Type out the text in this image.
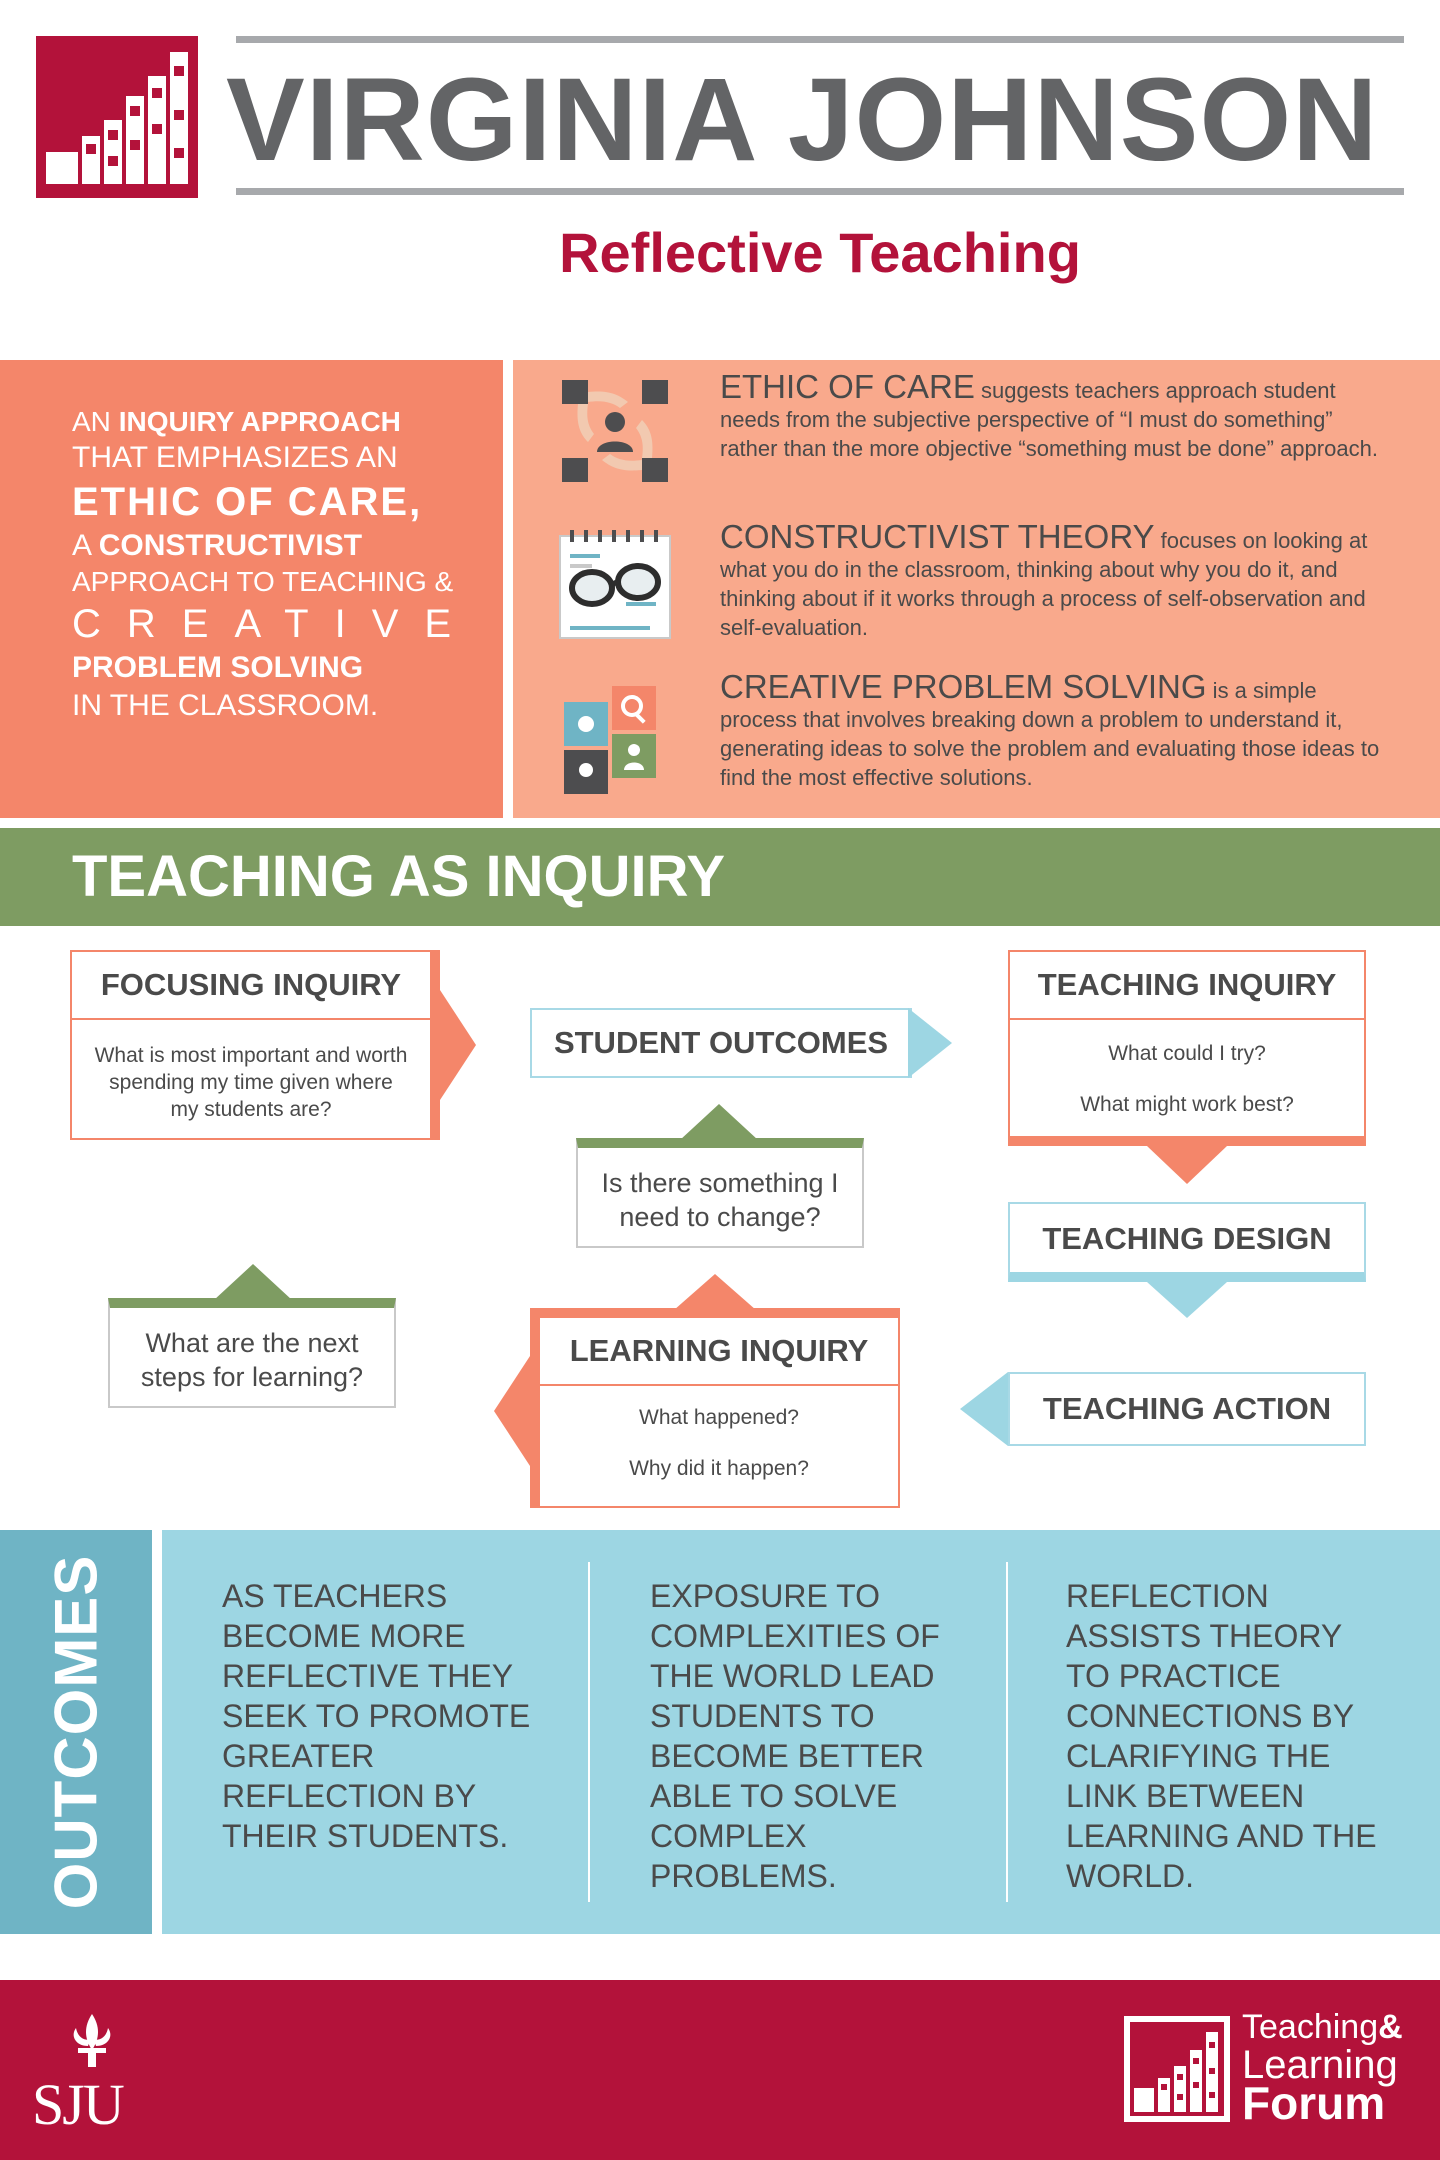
VIRGINIA JOHNSON
Reflective Teaching
AN INQUIRY APPROACH
THAT EMPHASIZES AN
ETHIC OF CARE,
A CONSTRUCTIVIST
APPROACH TO TEACHING &
CREATIVE
PROBLEM SOLVING
IN THE CLASSROOM.
ETHIC OF CARE suggests teachers approach student needs from the subjective perspective of “I must do something” rather than the more objective “something must be done” approach.
CONSTRUCTIVIST THEORY focuses on looking at what you do in the classroom, thinking about why you do it, and thinking about if it works through a process of self-observation and self-evaluation.
CREATIVE PROBLEM SOLVING is a simple process that involves breaking down a problem to understand it, generating ideas to solve the problem and evaluating those ideas to find the most effective solutions.
TEACHING AS INQUIRY
FOCUSING INQUIRY
What is most important and worth spending my time given where my students are?
STUDENT OUTCOMES
TEACHING INQUIRY
What could I try?
What might work best?
Is there something I need to change?
TEACHING DESIGN
What are the next steps for learning?
LEARNING INQUIRY
What happened?
Why did it happen?
TEACHING ACTION
OUTCOMES	AS TEACHERS BECOME MORE REFLECTIVE THEY SEEK TO PROMOTE GREATER REFLECTION BY THEIR STUDENTS.
EXPOSURE TO COMPLEXITIES OF THE WORLD LEAD STUDENTS TO BECOME BETTER ABLE TO SOLVE COMPLEX PROBLEMS.
REFLECTION ASSISTS THEORY TO PRACTICE CONNECTIONS BY CLARIFYING THE LINK BETWEEN LEARNING AND THE WORLD.
SJU
Teaching&
Learning
Forum
